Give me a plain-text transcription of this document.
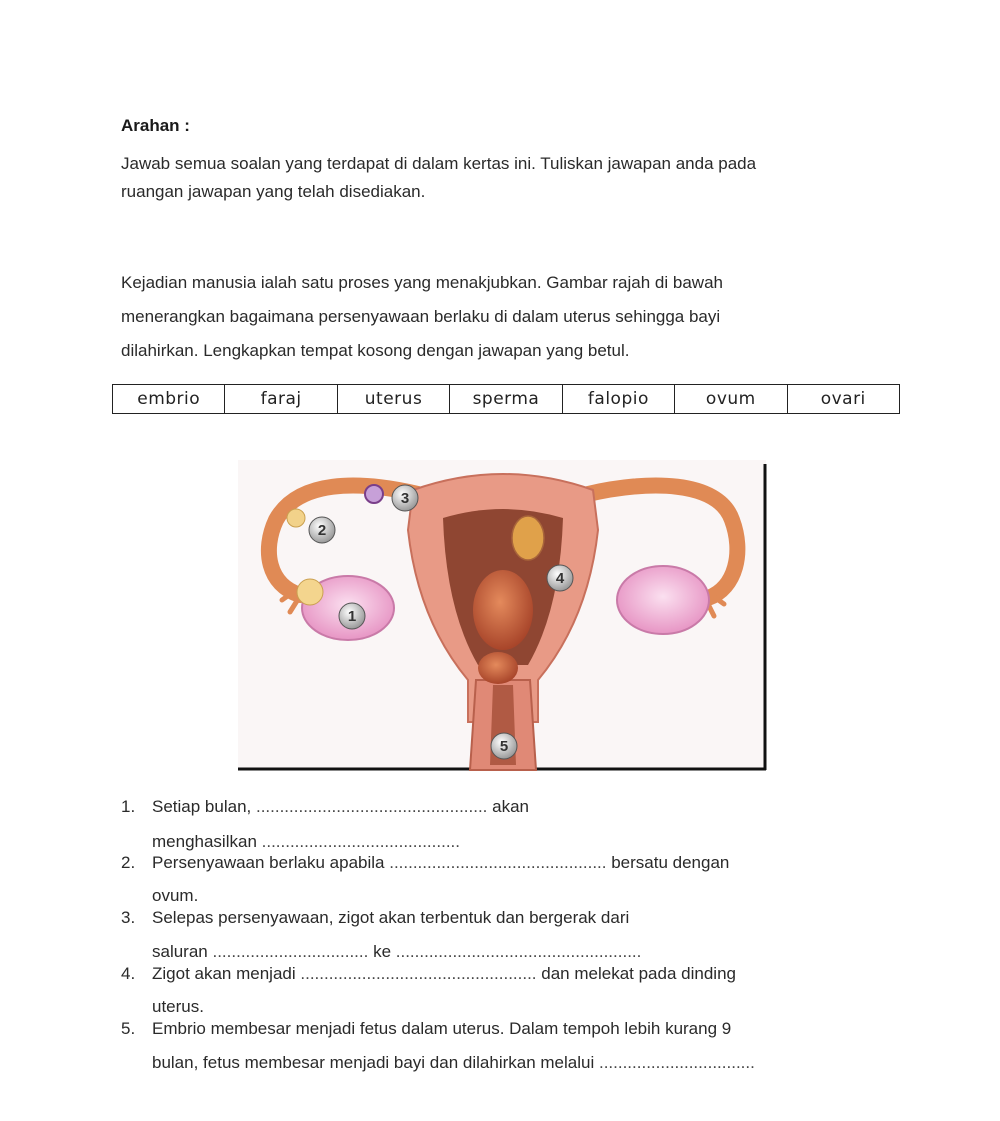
Arahan :
Jawab semua soalan yang terdapat di dalam kertas ini. Tuliskan jawapan anda pada
ruangan jawapan yang telah disediakan.
Kejadian manusia ialah satu proses yang menakjubkan. Gambar rajah di bawah
menerangkan bagaimana persenyawaan berlaku di dalam uterus sehingga bayi
dilahirkan. Lengkapkan tempat kosong dengan jawapan yang betul.
embrio	faraj	uterus	sperma	falopio	ovum	ovari
1
2
3
4
5
1. Setiap bulan, ................................................. akan
menghasilkan ..........................................
2. Persenyawaan berlaku apabila .............................................. bersatu dengan
ovum.
3. Selepas persenyawaan, zigot akan terbentuk dan bergerak dari
saluran ................................. ke ....................................................
4. Zigot akan menjadi .................................................. dan melekat pada dinding
uterus.
5. Embrio membesar menjadi fetus dalam uterus. Dalam tempoh lebih kurang 9
bulan, fetus membesar menjadi bayi dan dilahirkan melalui .................................
